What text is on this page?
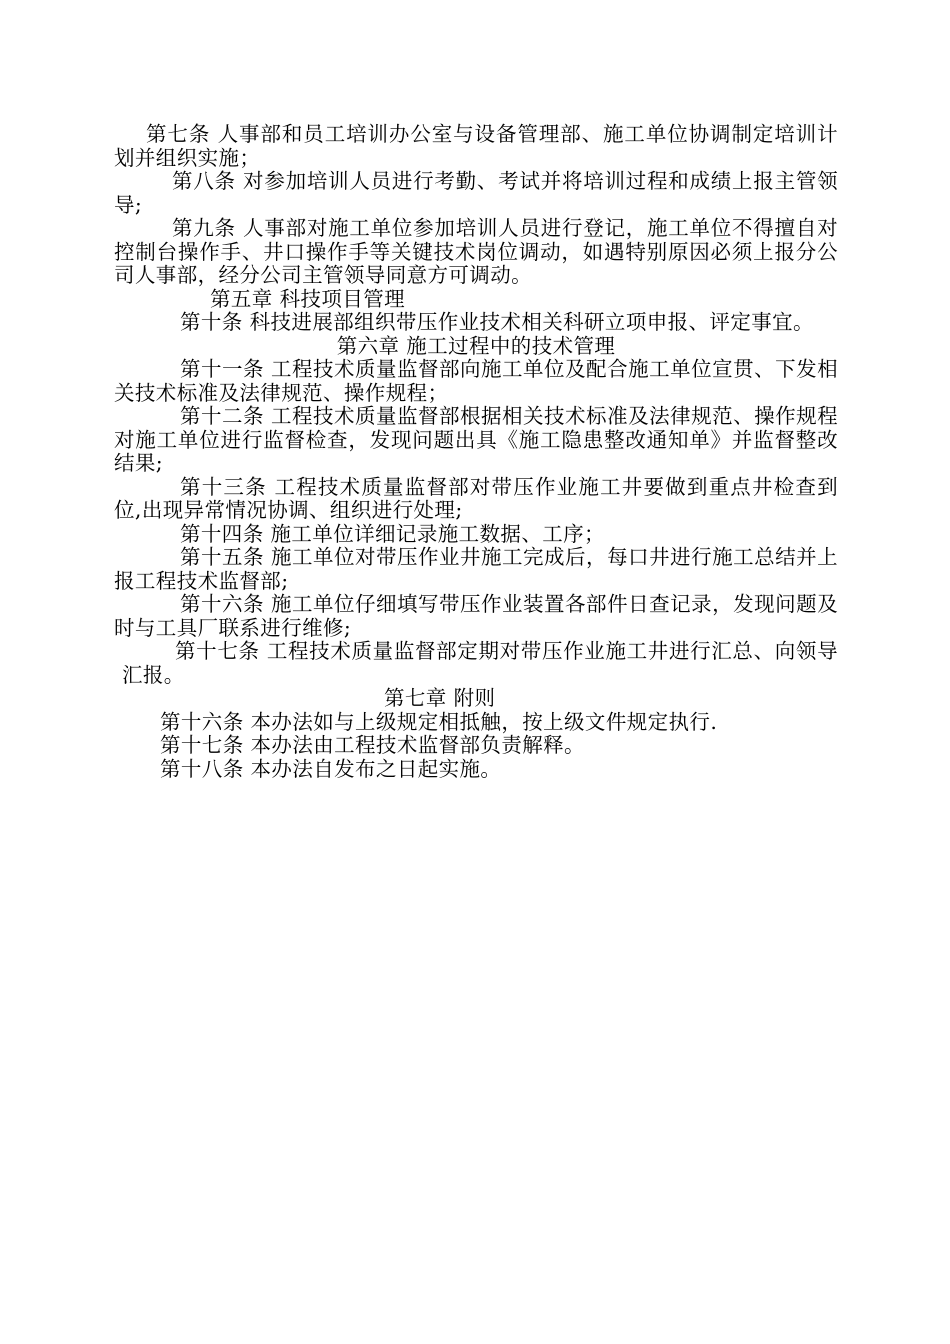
第七条 人事部和员工培训办公室与设备管理部、施工单位协调制定培训计划并组织实施；

第八条 对参加培训人员进行考勤、考试并将培训过程和成绩上报主管领导;

第九条 人事部对施工单位参加培训人员进行登记，施工单位不得擅自对控制台操作手、井口操作手等关键技术岗位调动，如遇特别原因必须上报分公司人事部，经分公司主管领导同意方可调动。

第五章 科技项目管理

第十条 科技进展部组织带压作业技术相关科研立项申报、评定事宜。

第六章 施工过程中的技术管理

第十一条 工程技术质量监督部向施工单位及配合施工单位宣贯、下发相关技术标准及法律规范、操作规程；

第十二条 工程技术质量监督部根据相关技术标准及法律规范、操作规程对施工单位进行监督检查，发现问题出具《施工隐患整改通知单》并监督整改结果;

第十三条 工程技术质量监督部对带压作业施工井要做到重点井检查到位,出现异常情况协调、组织进行处理;

第十四条 施工单位详细记录施工数据、工序；

第十五条 施工单位对带压作业井施工完成后，每口井进行施工总结并上报工程技术监督部;

第十六条 施工单位仔细填写带压作业装置各部件日查记录，发现问题及时与工具厂联系进行维修;

第十七条 工程技术质量监督部定期对带压作业施工井进行汇总、向领导汇报。

第七章 附则

第十六条 本办法如与上级规定相抵触，按上级文件规定执行.

第十七条 本办法由工程技术监督部负责解释。

第十八条 本办法自发布之日起实施。
